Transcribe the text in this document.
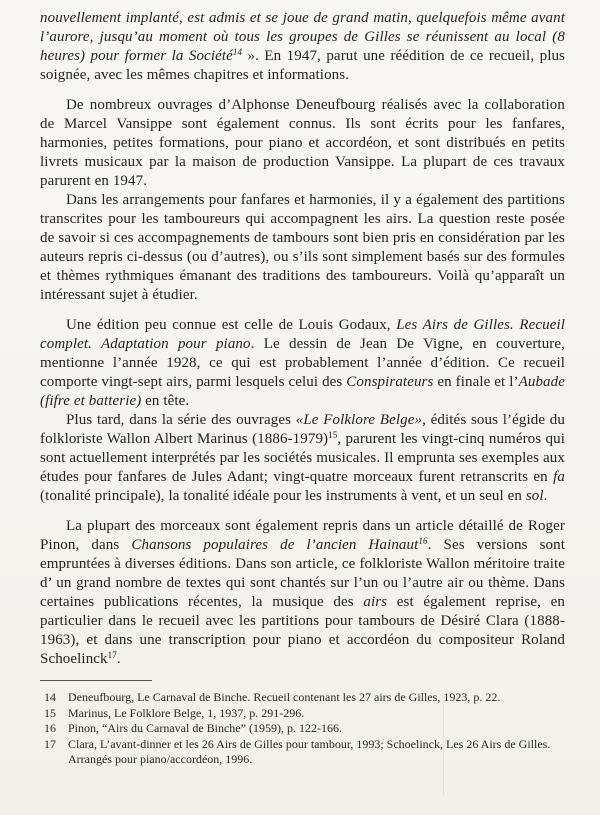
nouvellement implanté, est admis et se joue de grand matin, quelquefois même avant l’aurore, jusqu’au moment où tous les groupes de Gilles se réunissent au local (8 heures) pour former la Société$^{14}$ ». En 1947, parut une réédition de ce recueil, plus soignée, avec les mêmes chapitres et informations.

De nombreux ouvrages d’Alphonse Deneufbourg réalisés avec la collaboration de Marcel Vansippe sont également connus. Ils sont écrits pour les fanfares, harmonies, petites formations, pour piano et accordéon, et sont distribués en petits livrets musicaux par la maison de production Vansippe. La plupart de ces travaux parurent en 1947.

Dans les arrangements pour fanfares et harmonies, il y a également des partitions transcrites pour les tamboureurs qui accompagnent les airs. La question reste posée de savoir si ces accompagnements de tambours sont bien pris en considération par les auteurs repris ci-dessus (ou d’autres), ou s’ils sont simplement basés sur des formules et thèmes rythmiques émanant des traditions des tamboureurs. Voilà qu’apparaît un intéressant sujet à étudier.

Une édition peu connue est celle de Louis Godaux, Les Airs de Gilles. Recueil complet. Adaptation pour piano. Le dessin de Jean De Vigne, en couverture, mentionne l’année 1928, ce qui est probablement l’année d’édition. Ce recueil comporte vingt-sept airs, parmi lesquels celui des Conspirateurs en finale et l’Aubade (fifre et batterie) en tête.

Plus tard, dans la série des ouvrages «Le Folklore Belge», édités sous l’égide du folkloriste Wallon Albert Marinus (1886-1979)$^{15}$, parurent les vingt-cinq numéros qui sont actuellement interprétés par les sociétés musicales. Il emprunta ses exemples aux études pour fanfares de Jules Adant; vingt-quatre morceaux furent retranscrits en fa (tonalité principale), la tonalité idéale pour les instruments à vent, et un seul en sol.

La plupart des morceaux sont également repris dans un article détaillé de Roger Pinon, dans Chansons populaires de l’ancien Hainaut$^{16}$. Ses versions sont empruntées à diverses éditions. Dans son article, ce folkloriste Wallon méritoire traite d’ un grand nombre de textes qui sont chantés sur l’un ou l’autre air ou thème. Dans certaines publications récentes, la musique des airs est également reprise, en particulier dans le recueil avec les partitions pour tambours de Désiré Clara (1888-1963), et dans une transcription pour piano et accordéon du compositeur Roland Schoelinck$^{17}$.

14 Deneufbourg, Le Carnaval de Binche. Recueil contenant les 27 airs de Gilles, 1923, p. 22.
15 Marinus, Le Folklore Belge, 1, 1937, p. 291-296.
16 Pinon, “Airs du Carnaval de Binche” (1959), p. 122-166.
17 Clara, L’avant-dinner et les 26 Airs de Gilles pour tambour, 1993; Schoelinck, Les 26 Airs de Gilles. Arrangés pour piano/accordéon, 1996.
